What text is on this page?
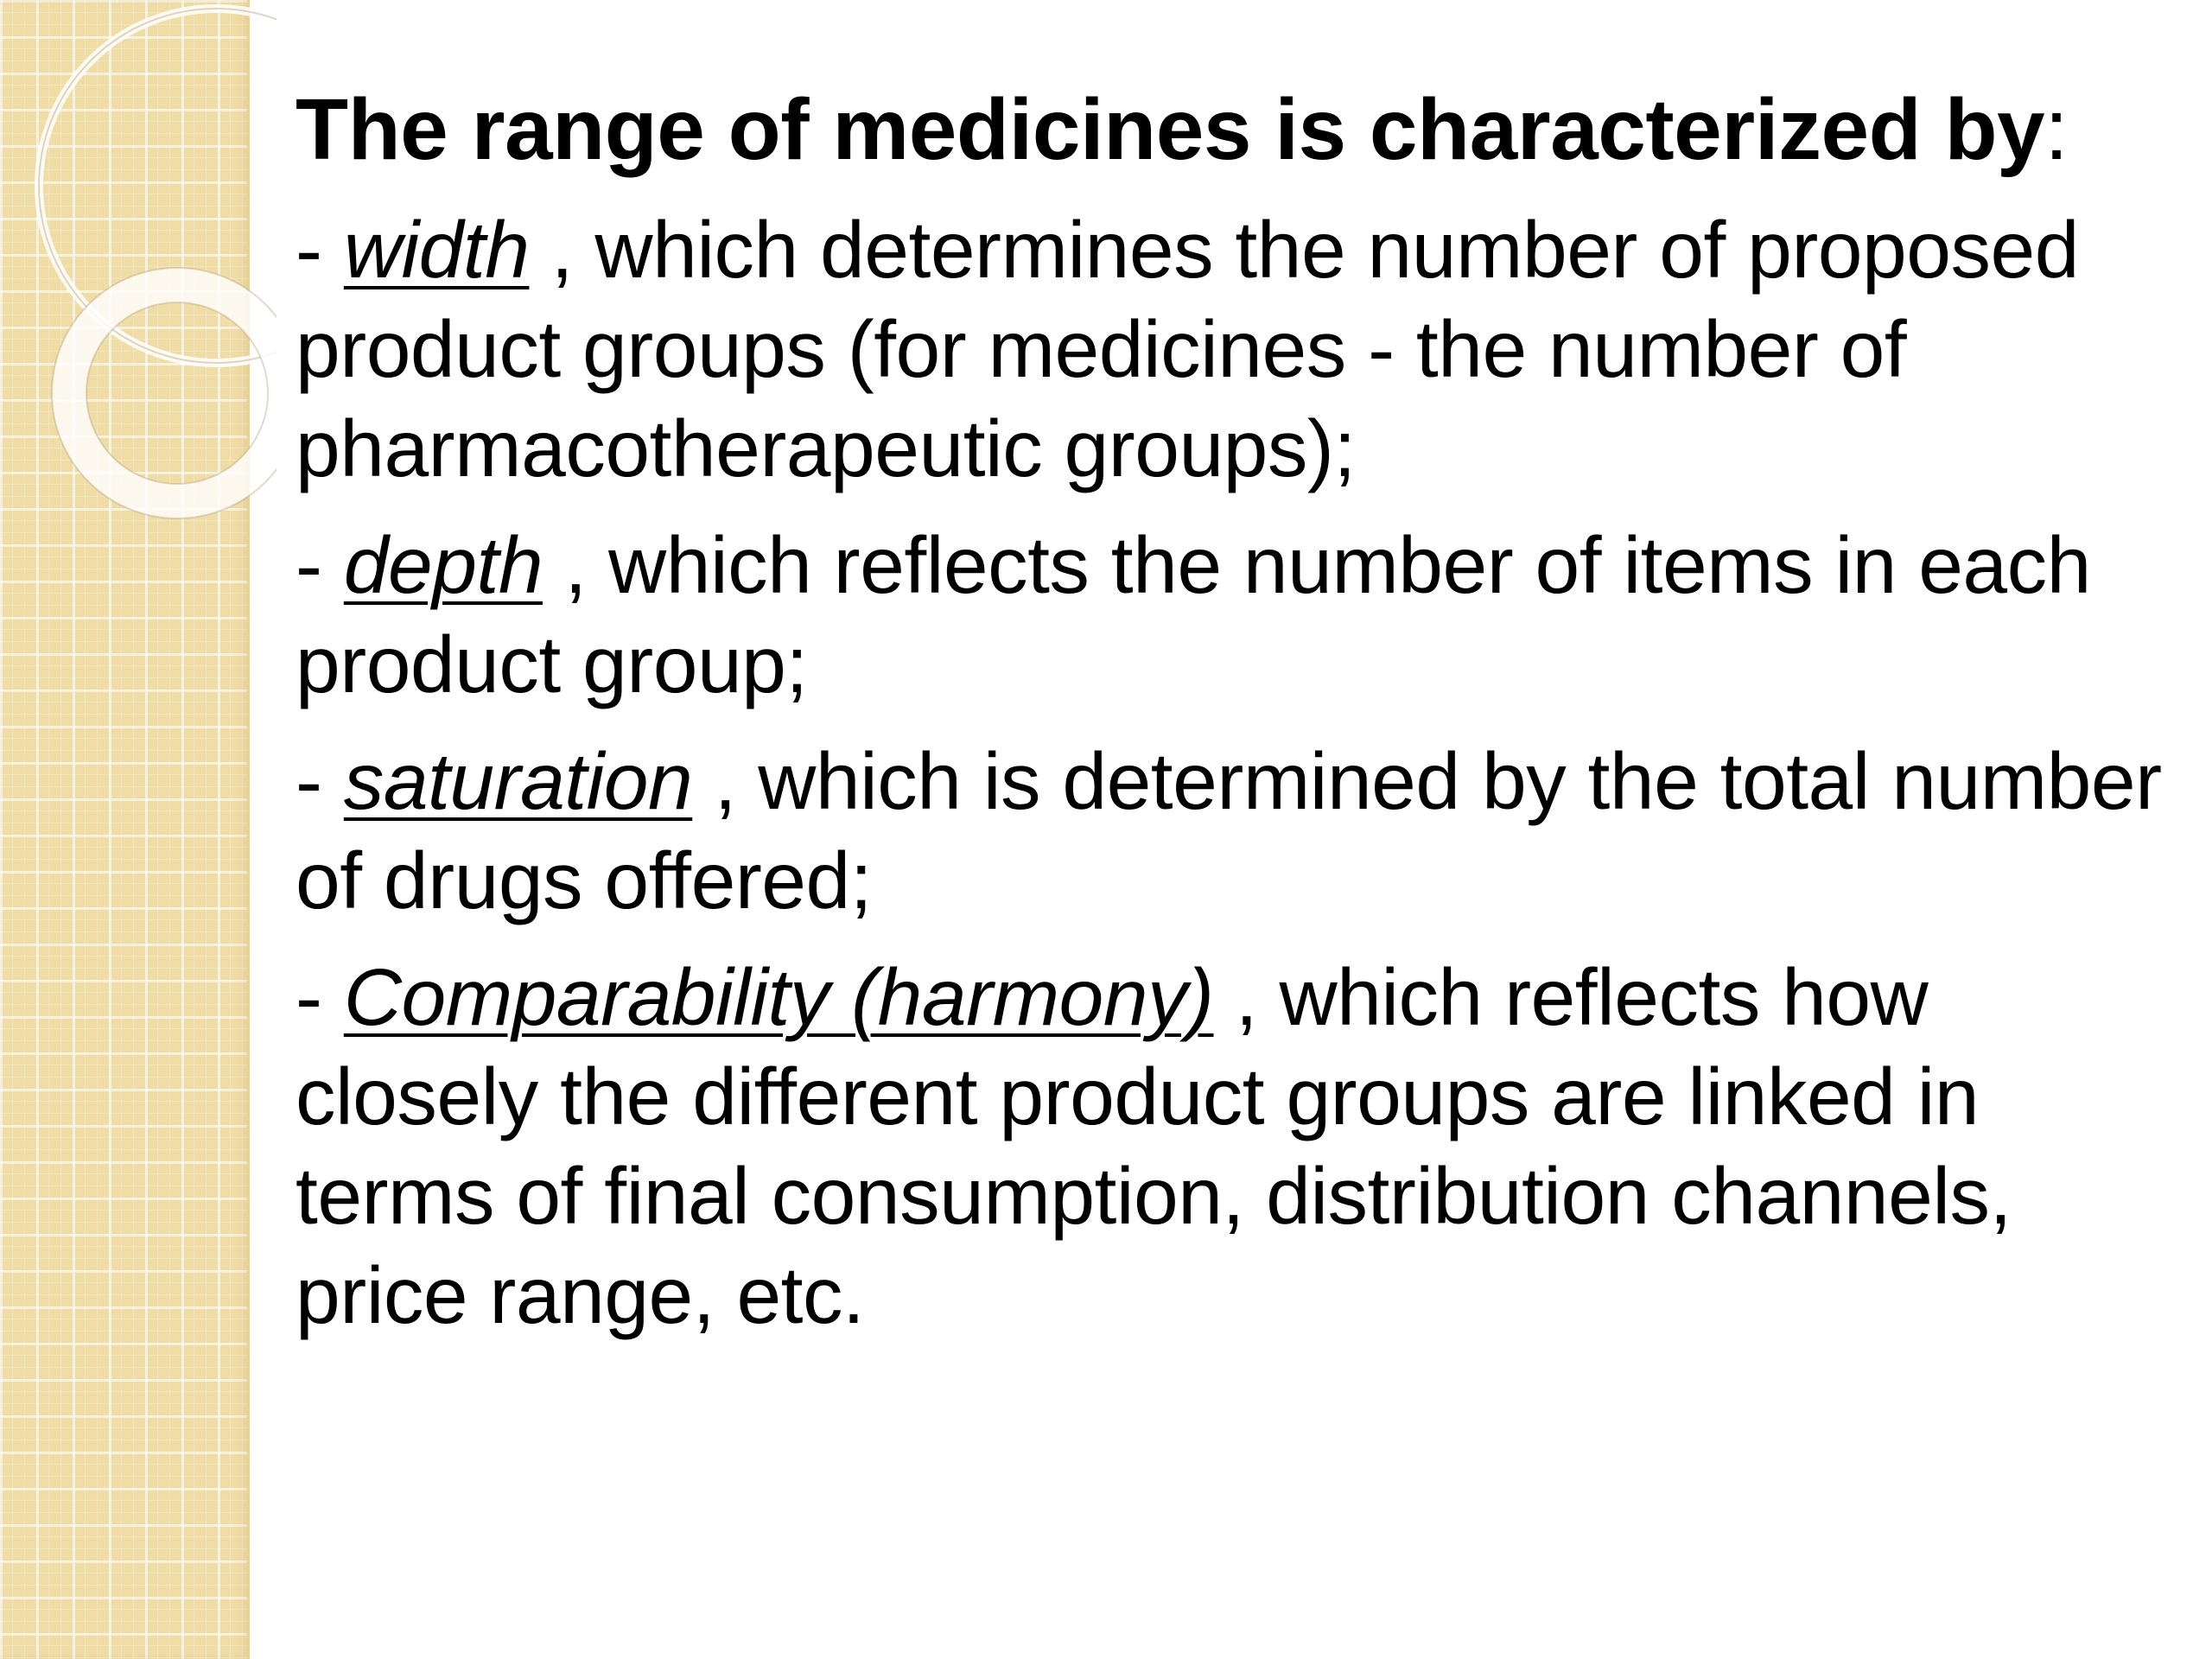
The range of medicines is characterized by:

- width , which determines the number of proposed product groups (for medicines - the number of pharmacotherapeutic groups);

- depth , which reflects the number of items in each product group;

- saturation , which is determined by the total number of drugs offered;

- Comparability (harmony) , which reflects how closely the different product groups are linked in terms of final consumption, distribution channels, price range, etc.
